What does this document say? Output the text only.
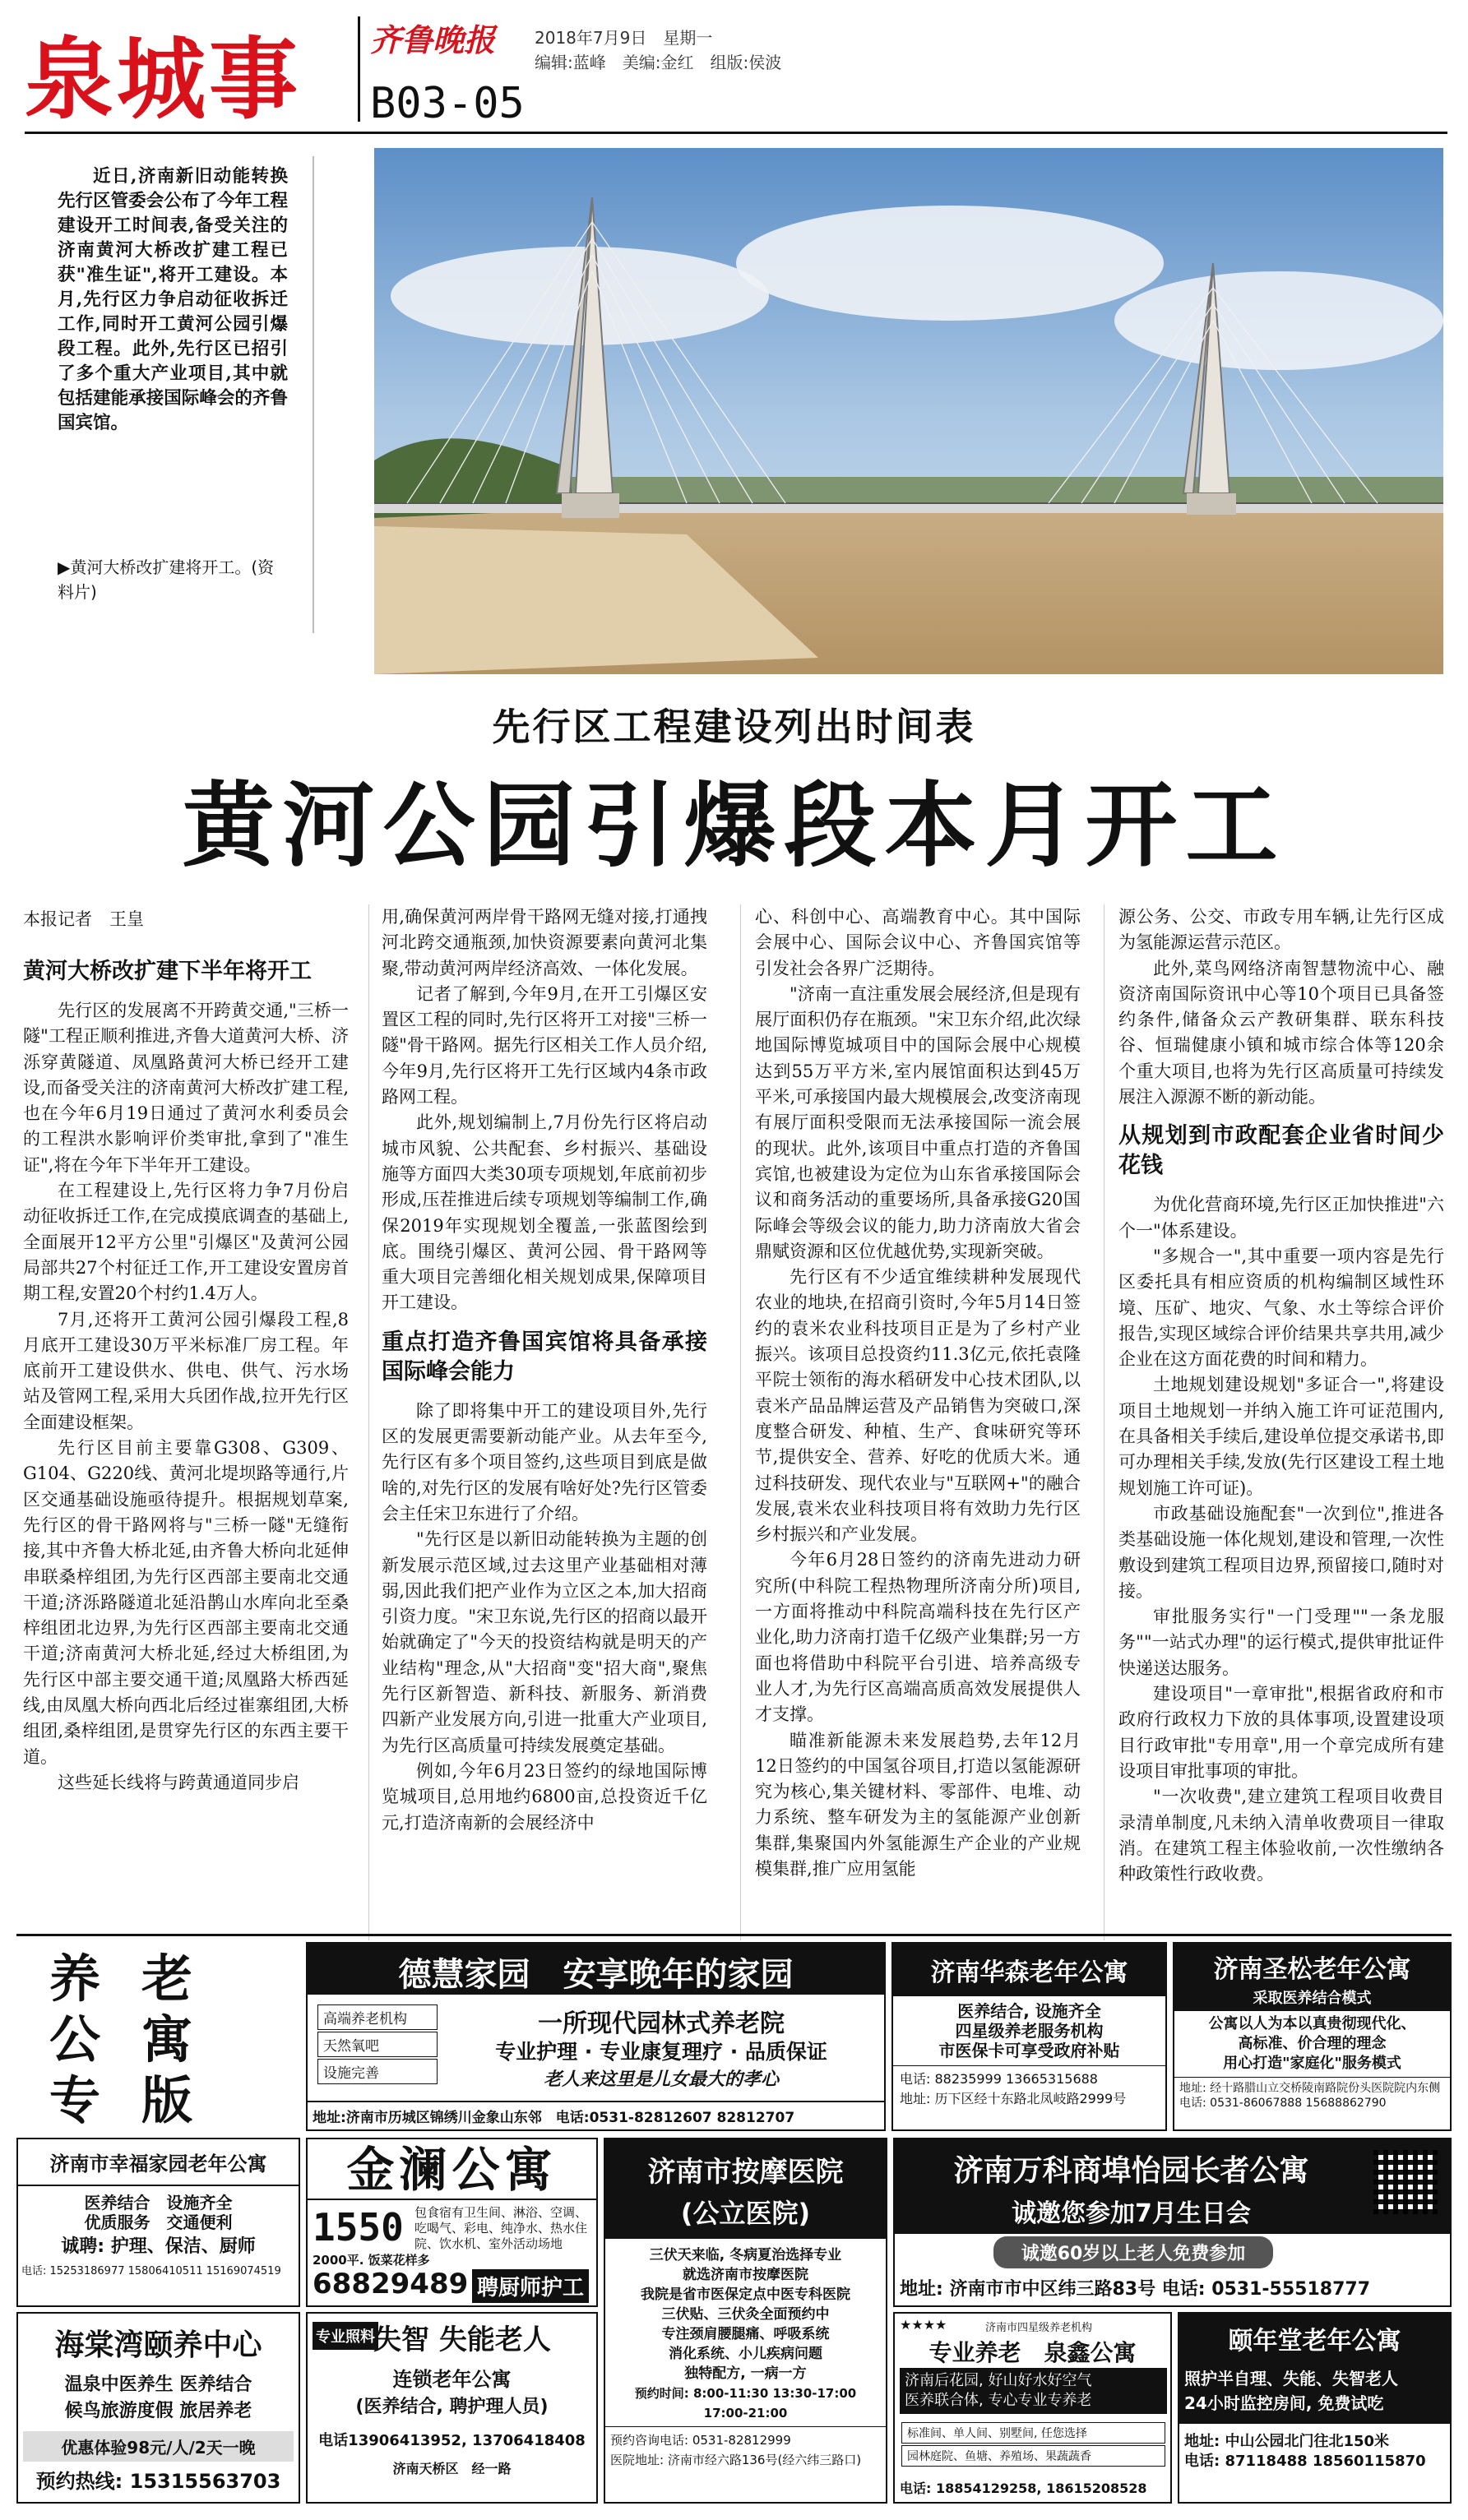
泉城事 齐鲁晚报 2018年7月9日　星期一
编辑:蓝峰　美编:金红　组版:侯波
B03-05
近日,济南新旧动能转换先行区管委会公布了今年工程建设开工时间表,备受关注的济南黄河大桥改扩建工程已获"准生证",将开工建设。本月,先行区力争启动征收拆迁工作,同时开工黄河公园引爆段工程。此外,先行区已招引了多个重大产业项目,其中就包括建能承接国际峰会的齐鲁国宾馆。
▶黄河大桥改扩建将开工。(资料片)
先行区工程建设列出时间表
黄河公园引爆段本月开工
本报记者　王皇
黄河大桥改扩建下半年将开工

先行区的发展离不开跨黄交通,"三桥一隧"工程正顺利推进,齐鲁大道黄河大桥、济泺穿黄隧道、凤凰路黄河大桥已经开工建设,而备受关注的济南黄河大桥改扩建工程,也在今年6月19日通过了黄河水利委员会的工程洪水影响评价类审批,拿到了"准生证",将在今年下半年开工建设。

在工程建设上,先行区将力争7月份启动征收拆迁工作,在完成摸底调查的基础上,全面展开12平方公里"引爆区"及黄河公园局部共27个村征迁工作,开工建设安置房首期工程,安置20个村约1.4万人。

7月,还将开工黄河公园引爆段工程,8月底开工建设30万平米标准厂房工程。年底前开工建设供水、供电、供气、污水场站及管网工程,采用大兵团作战,拉开先行区全面建设框架。

先行区目前主要靠G308、G309、G104、G220线、黄河北堤坝路等通行,片区交通基础设施亟待提升。根据规划草案,先行区的骨干路网将与"三桥一隧"无缝衔接,其中齐鲁大桥北延,由齐鲁大桥向北延伸串联桑梓组团,为先行区西部主要南北交通干道;济泺路隧道北延沿鹊山水库向北至桑梓组团北边界,为先行区西部主要南北交通干道;济南黄河大桥北延,经过大桥组团,为先行区中部主要交通干道;凤凰路大桥西延线,由凤凰大桥向西北后经过崔寨组团,大桥组团,桑梓组团,是贯穿先行区的东西主要干道。

这些延长线将与跨黄通道同步启

用,确保黄河两岸骨干路网无缝对接,打通拽河北跨交通瓶颈,加快资源要素向黄河北集聚,带动黄河两岸经济高效、一体化发展。

记者了解到,今年9月,在开工引爆区安置区工程的同时,先行区将开工对接"三桥一隧"骨干路网。据先行区相关工作人员介绍,今年9月,先行区将开工先行区域内4条市政路网工程。

此外,规划编制上,7月份先行区将启动城市风貌、公共配套、乡村振兴、基础设施等方面四大类30项专项规划,年底前初步形成,压茬推进后续专项规划等编制工作,确保2019年实现规划全覆盖,一张蓝图绘到底。围绕引爆区、黄河公园、骨干路网等重大项目完善细化相关规划成果,保障项目开工建设。

重点打造齐鲁国宾馆将具备承接国际峰会能力

除了即将集中开工的建设项目外,先行区的发展更需要新动能产业。从去年至今,先行区有多个项目签约,这些项目到底是做啥的,对先行区的发展有啥好处?先行区管委会主任宋卫东进行了介绍。

"先行区是以新旧动能转换为主题的创新发展示范区域,过去这里产业基础相对薄弱,因此我们把产业作为立区之本,加大招商引资力度。"宋卫东说,先行区的招商以最开始就确定了"今天的投资结构就是明天的产业结构"理念,从"大招商"变"招大商",聚焦先行区新智造、新科技、新服务、新消费四新产业发展方向,引进一批重大产业项目,为先行区高质量可持续发展奠定基础。

例如,今年6月23日签约的绿地国际博览城项目,总用地约6800亩,总投资近千亿元,打造济南新的会展经济中

心、科创中心、高端教育中心。其中国际会展中心、国际会议中心、齐鲁国宾馆等引发社会各界广泛期待。

"济南一直注重发展会展经济,但是现有展厅面积仍存在瓶颈。"宋卫东介绍,此次绿地国际博览城项目中的国际会展中心规模达到55万平方米,室内展馆面积达到45万平米,可承接国内最大规模展会,改变济南现有展厅面积受限而无法承接国际一流会展的现状。此外,该项目中重点打造的齐鲁国宾馆,也被建设为定位为山东省承接国际会议和商务活动的重要场所,具备承接G20国际峰会等级会议的能力,助力济南放大省会鼎赋资源和区位优越优势,实现新突破。

先行区有不少适宜维续耕种发展现代农业的地块,在招商引资时,今年5月14日签约的袁米农业科技项目正是为了乡村产业振兴。该项目总投资约11.3亿元,依托袁隆平院士领衔的海水稻研发中心技术团队,以袁米产品品牌运营及产品销售为突破口,深度整合研发、种植、生产、食味研究等环节,提供安全、营养、好吃的优质大米。通过科技研发、现代农业与"互联网+"的融合发展,袁米农业科技项目将有效助力先行区乡村振兴和产业发展。

今年6月28日签约的济南先进动力研究所(中科院工程热物理所济南分所)项目,一方面将推动中科院高端科技在先行区产业化,助力济南打造千亿级产业集群;另一方面也将借助中科院平台引进、培养高级专业人才,为先行区高端高质高效发展提供人才支撑。

瞄准新能源未来发展趋势,去年12月12日签约的中国氢谷项目,打造以氢能源研究为核心,集关键材料、零部件、电堆、动力系统、整车研发为主的氢能源产业创新集群,集聚国内外氢能源生产企业的产业规模集群,推广应用氢能

源公务、公交、市政专用车辆,让先行区成为氢能源运营示范区。

此外,菜鸟网络济南智慧物流中心、融资济南国际资讯中心等10个项目已具备签约条件,储备众云产教研集群、联东科技谷、恒瑞健康小镇和城市综合体等120余个重大项目,也将为先行区高质量可持续发展注入源源不断的新动能。

从规划到市政配套企业省时间少花钱

为优化营商环境,先行区正加快推进"六个一"体系建设。

"多规合一",其中重要一项内容是先行区委托具有相应资质的机构编制区域性环境、压矿、地灾、气象、水土等综合评价报告,实现区域综合评价结果共享共用,减少企业在这方面花费的时间和精力。

土地规划建设规划"多证合一",将建设项目土地规划一并纳入施工许可证范围内,在具备相关手续后,建设单位提交承诺书,即可办理相关手续,发放(先行区建设工程土地规划施工许可证)。

市政基础设施配套"一次到位",推进各类基础设施一体化规划,建设和管理,一次性敷设到建筑工程项目边界,预留接口,随时对接。

审批服务实行"一门受理""一条龙服务""一站式办理"的运行模式,提供审批证件快递送达服务。

建设项目"一章审批",根据省政府和市政府行政权力下放的具体事项,设置建设项目行政审批"专用章",用一个章完成所有建设项目审批事项的审批。

"一次收费",建立建筑工程项目收费目录清单制度,凡未纳入清单收费项目一律取消。在建筑工程主体验收前,一次性缴纳各种政策性行政收费。

养老公寓专版
德慧家园　安享晚年的家园
高端养老机构
天然氧吧
设施完善
一所现代园林式养老院
专业护理 · 专业康复理疗 · 品质保证
老人来这里是儿女最大的孝心
地址:济南市历城区锦绣川金象山东邻　电话:0531-82812607 82812707
济南华森老年公寓
医养结合, 设施齐全
四星级养老服务机构
市医保卡可享受政府补贴
电话: 88235999 13665315688
地址: 历下区经十东路北凤岐路2999号
济南圣松老年公寓
采取医养结合模式
公寓以人为本以真贵彻现代化、
高标准、价合理的理念
用心打造"家庭化"服务模式
地址: 经十路腊山立交桥陵南路院份头医院院内东侧
电话: 0531-86067888 15688862790
济南市幸福家园老年公寓
医养结合　设施齐全
优质服务　交通便利
诚聘: 护理、保洁、厨师
电话: 15253186977 15806410511 15169074519
金澜公寓
1550 包食宿有卫生间、淋浴、空调、吃喝气、彩电、纯净水、热水住院、饮水机、室外活动场地
2000平. 饭菜花样多
68829489 聘厨师护工
济南市按摩医院
(公立医院)
三伏天来临, 冬病夏治选择专业
就选济南市按摩医院
我院是省市医保定点中医专科医院
三伏贴、三伏灸全面预约中
专注颈肩腰腿痛、呼吸系统
消化系统、小儿疾病问题
独特配方, 一病一方
预约时间: 8:00-11:30 13:30-17:00
17:00-21:00
预约咨询电话: 0531-82812999
医院地址: 济南市经六路136号(经六纬三路口)
济南万科商埠怡园长者公寓
诚邀您参加7月生日会
诚邀60岁以上老人免费参加
地址: 济南市市中区纬三路83号 电话: 0531-55518777
海棠湾颐养中心
温泉中医养生 医养结合
候鸟旅游度假 旅居养老
优惠体验98元/人/2天一晚
预约热线: 15315563703
专业照料
失智 失能老人
连锁老年公寓
(医养结合, 聘护理人员)
电话13906413952, 13706418408
济南天桥区　经一路
★★★★	济南市四星级养老机构
专业养老　泉鑫公寓
济南后花园, 好山好水好空气
医养联合体, 专心专业专养老
标准间、单人间、别墅间, 任您选择
园林庭院、鱼塘、养殖场、果蔬蔬香
电话: 18854129258, 18615208528
颐年堂老年公寓
照护半自理、失能、失智老人
24小时监控房间, 免费试吃
地址: 中山公园北门往北150米
电话: 87118488 18560115870
